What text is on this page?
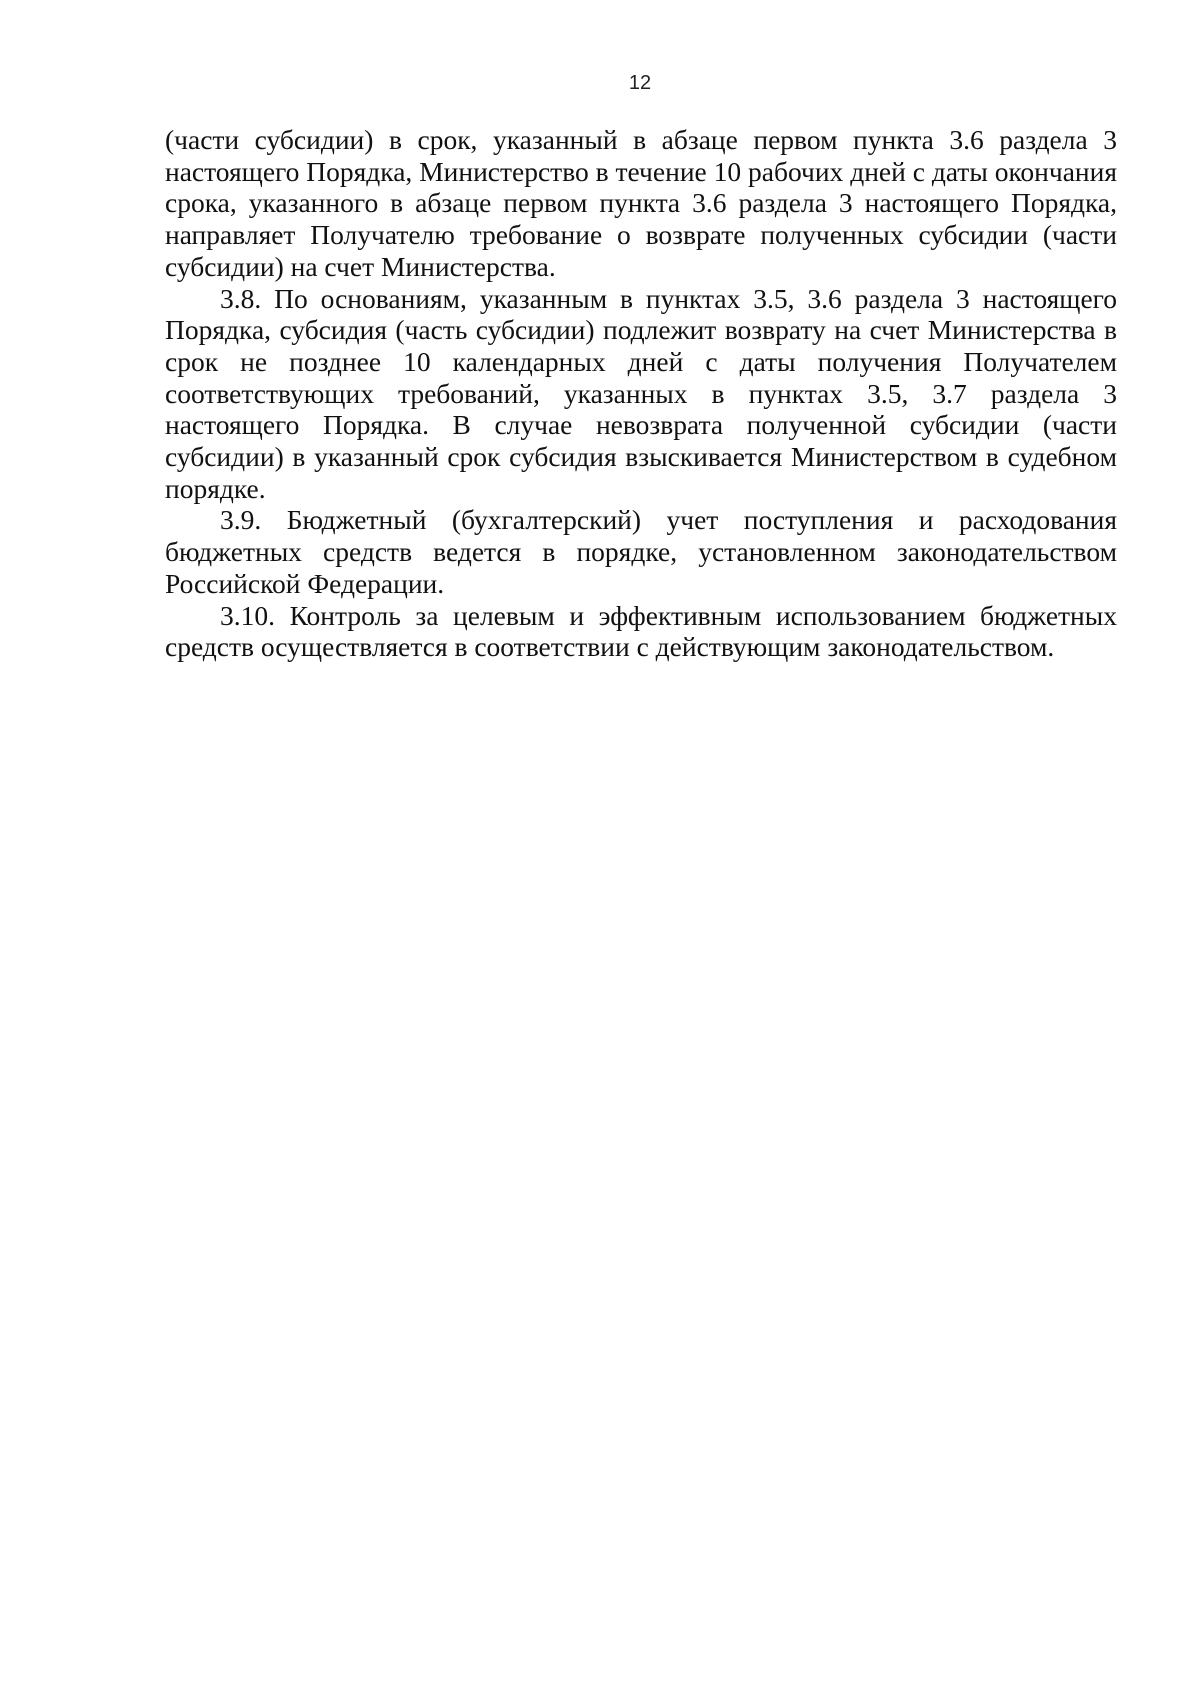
12

(части субсидии) в срок, указанный в абзаце первом пункта 3.6 раздела 3 настоящего Порядка, Министерство в течение 10 рабочих дней с даты окончания срока, указанного в абзаце первом пункта 3.6 раздела 3 настоящего Порядка, направляет Получателю требование о возврате полученных субсидии (части субсидии) на счет Министерства.

3.8. По основаниям, указанным в пунктах 3.5, 3.6 раздела 3 настоящего Порядка, субсидия (часть субсидии) подлежит возврату на счет Министерства в срок не позднее 10 календарных дней с даты получения Получателем соответствующих требований, указанных в пунктах 3.5, 3.7 раздела 3 настоящего Порядка. В случае невозврата полученной субсидии (части субсидии) в указанный срок субсидия взыскивается Министерством в судебном порядке.

3.9. Бюджетный (бухгалтерский) учет поступления и расходования бюджетных средств ведется в порядке, установленном законодательством Российской Федерации.

3.10. Контроль за целевым и эффективным использованием бюджетных средств осуществляется в соответствии с действующим законодательством.
